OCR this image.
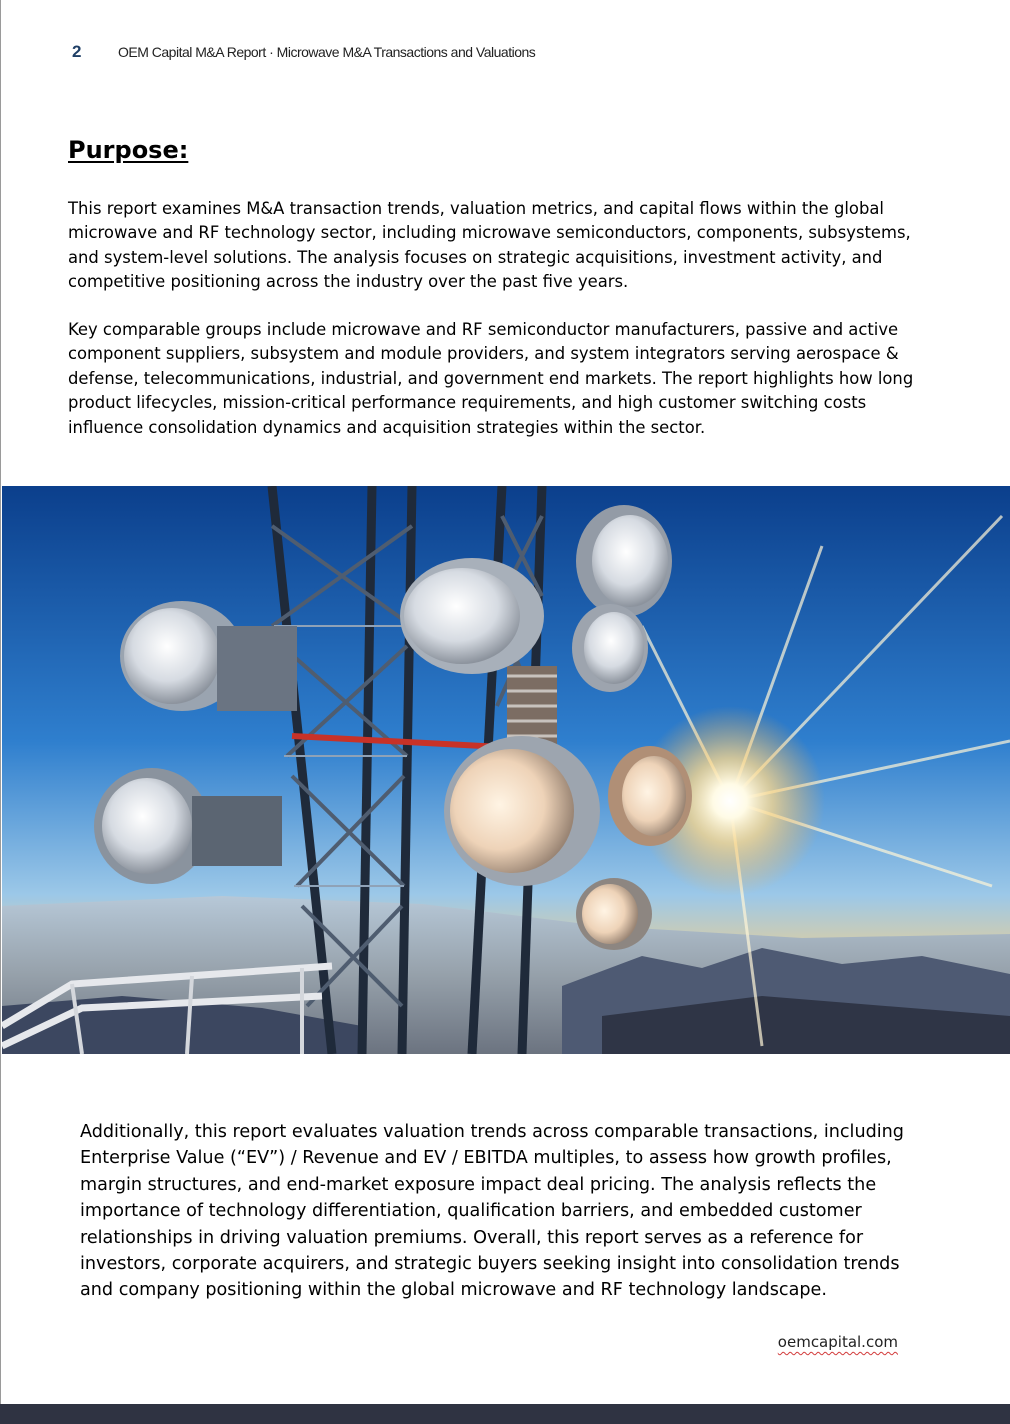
2	OEM Capital M&A Report · Microwave M&A Transactions and Valuations
Purpose:

This report examines M&A transaction trends, valuation metrics, and capital flows within the global microwave and RF technology sector, including microwave semiconductors, components, subsystems, and system-level solutions. The analysis focuses on strategic acquisitions, investment activity, and competitive positioning across the industry over the past five years.

Key comparable groups include microwave and RF semiconductor manufacturers, passive and active component suppliers, subsystem and module providers, and system integrators serving aerospace & defense, telecommunications, industrial, and government end markets. The report highlights how long product lifecycles, mission-critical performance requirements, and high customer switching costs influence consolidation dynamics and acquisition strategies within the sector.

Additionally, this report evaluates valuation trends across comparable transactions, including Enterprise Value (“EV”) / Revenue and EV / EBITDA multiples, to assess how growth profiles, margin structures, and end-market exposure impact deal pricing. The analysis reflects the importance of technology differentiation, qualification barriers, and embedded customer relationships in driving valuation premiums. Overall, this report serves as a reference for investors, corporate acquirers, and strategic buyers seeking insight into consolidation trends and company positioning within the global microwave and RF technology landscape.

oemcapital.com
